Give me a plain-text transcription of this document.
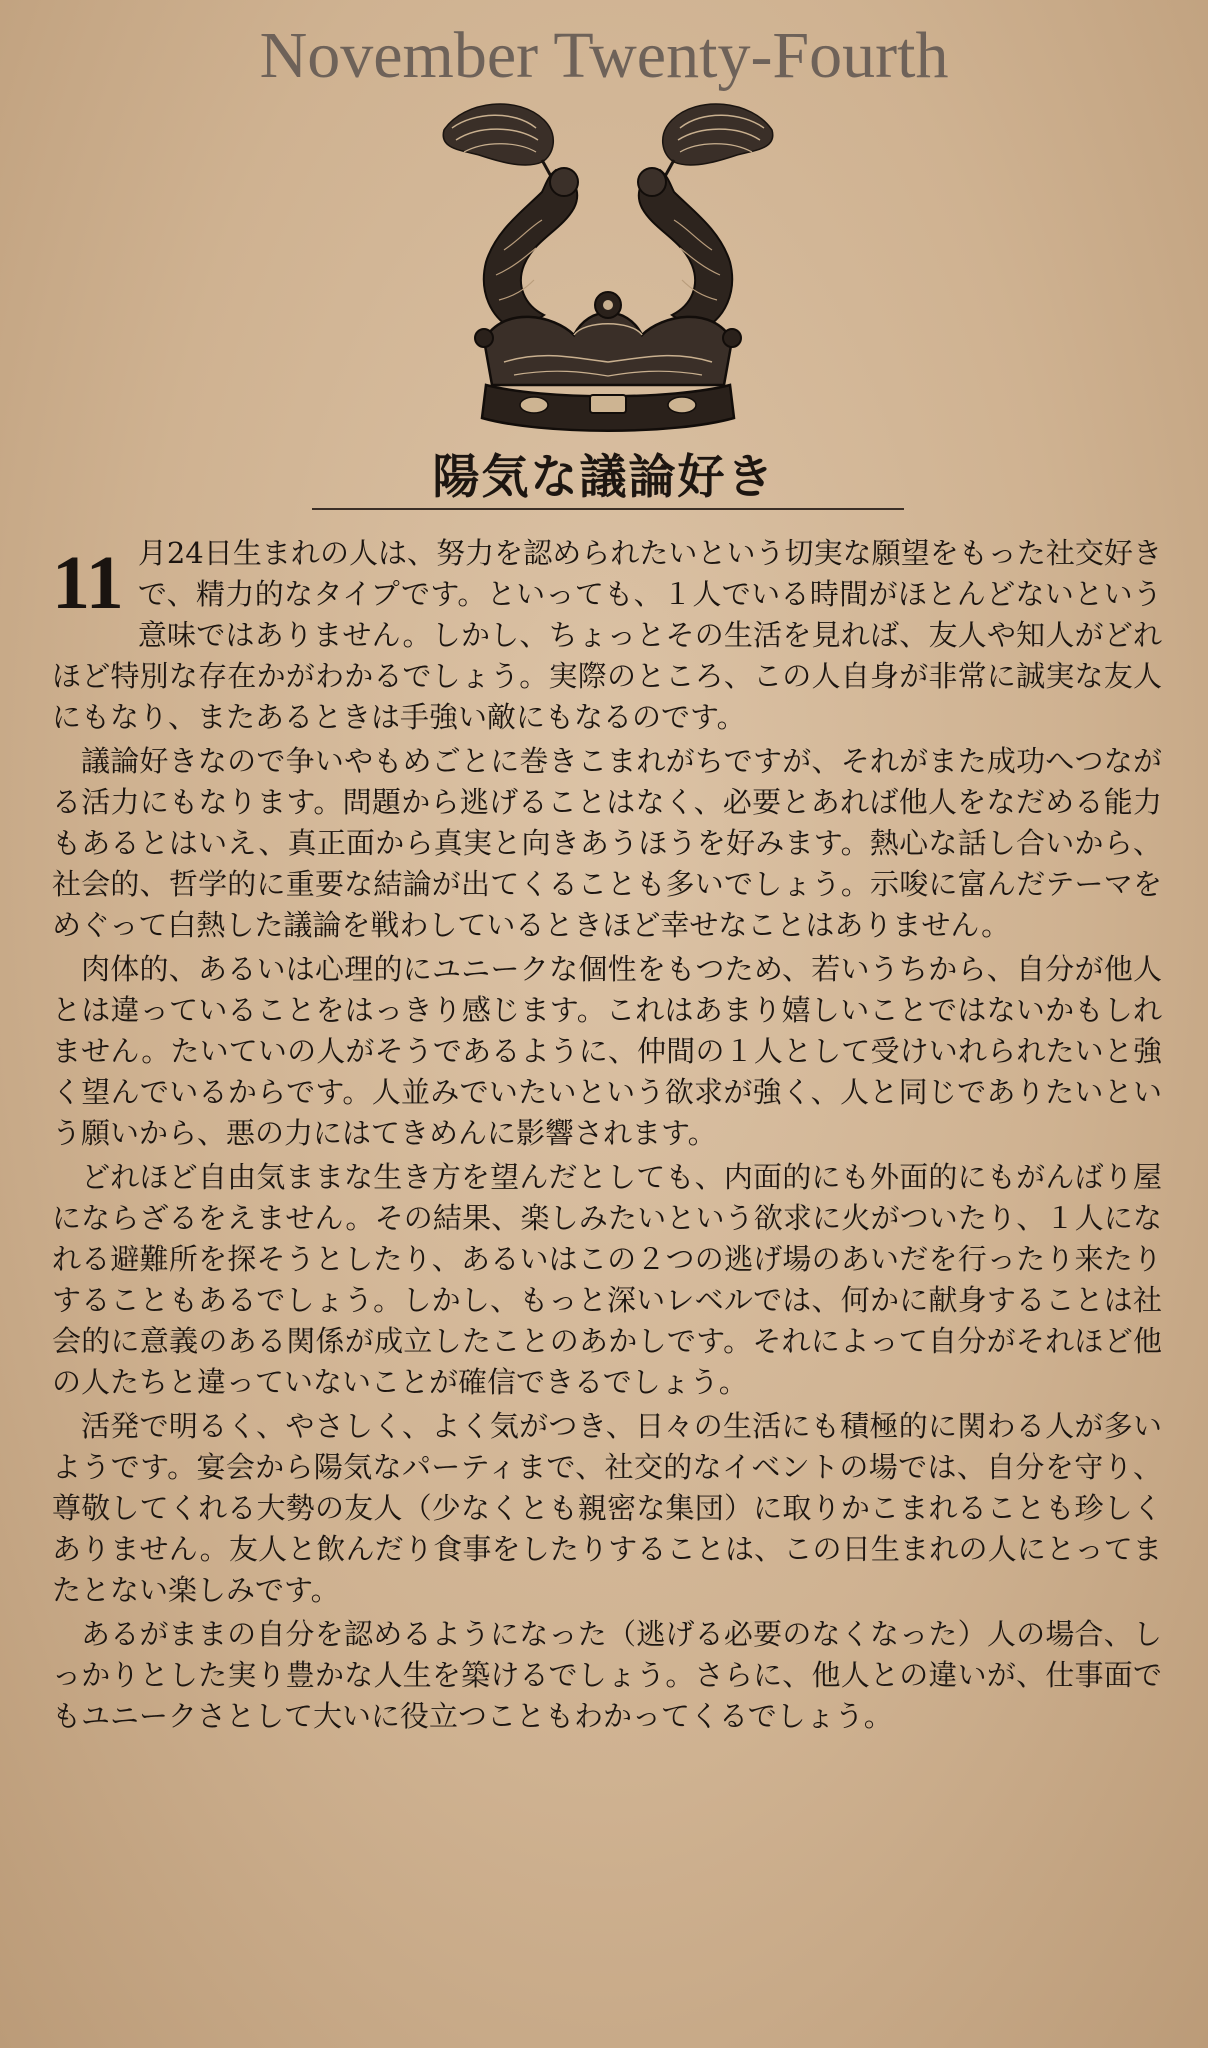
November Twenty-Fourth
陽気な議論好き

11 月24日生まれの人は、努力を認められたいという切実な願望をもった社交好きで、精力的なタイプです。といっても、１人でいる時間がほとんどないという意味ではありません。しかし、ちょっとその生活を見れば、友人や知人がどれほど特別な存在かがわかるでしょう。実際のところ、この人自身が非常に誠実な友人にもなり、またあるときは手強い敵にもなるのです。

議論好きなので争いやもめごとに巻きこまれがちですが、それがまた成功へつながる活力にもなります。問題から逃げることはなく、必要とあれば他人をなだめる能力もあるとはいえ、真正面から真実と向きあうほうを好みます。熱心な話し合いから、社会的、哲学的に重要な結論が出てくることも多いでしょう。示唆に富んだテーマをめぐって白熱した議論を戦わしているときほど幸せなことはありません。

肉体的、あるいは心理的にユニークな個性をもつため、若いうちから、自分が他人とは違っていることをはっきり感じます。これはあまり嬉しいことではないかもしれません。たいていの人がそうであるように、仲間の１人として受けいれられたいと強く望んでいるからです。人並みでいたいという欲求が強く、人と同じでありたいという願いから、悪の力にはてきめんに影響されます。

どれほど自由気ままな生き方を望んだとしても、内面的にも外面的にもがんばり屋にならざるをえません。その結果、楽しみたいという欲求に火がついたり、１人になれる避難所を探そうとしたり、あるいはこの２つの逃げ場のあいだを行ったり来たりすることもあるでしょう。しかし、もっと深いレベルでは、何かに献身することは社会的に意義のある関係が成立したことのあかしです。それによって自分がそれほど他の人たちと違っていないことが確信できるでしょう。

活発で明るく、やさしく、よく気がつき、日々の生活にも積極的に関わる人が多いようです。宴会から陽気なパーティまで、社交的なイベントの場では、自分を守り、尊敬してくれる大勢の友人（少なくとも親密な集団）に取りかこまれることも珍しくありません。友人と飲んだり食事をしたりすることは、この日生まれの人にとってまたとない楽しみです。

あるがままの自分を認めるようになった（逃げる必要のなくなった）人の場合、しっかりとした実り豊かな人生を築けるでしょう。さらに、他人との違いが、仕事面でもユニークさとして大いに役立つこともわかってくるでしょう。
